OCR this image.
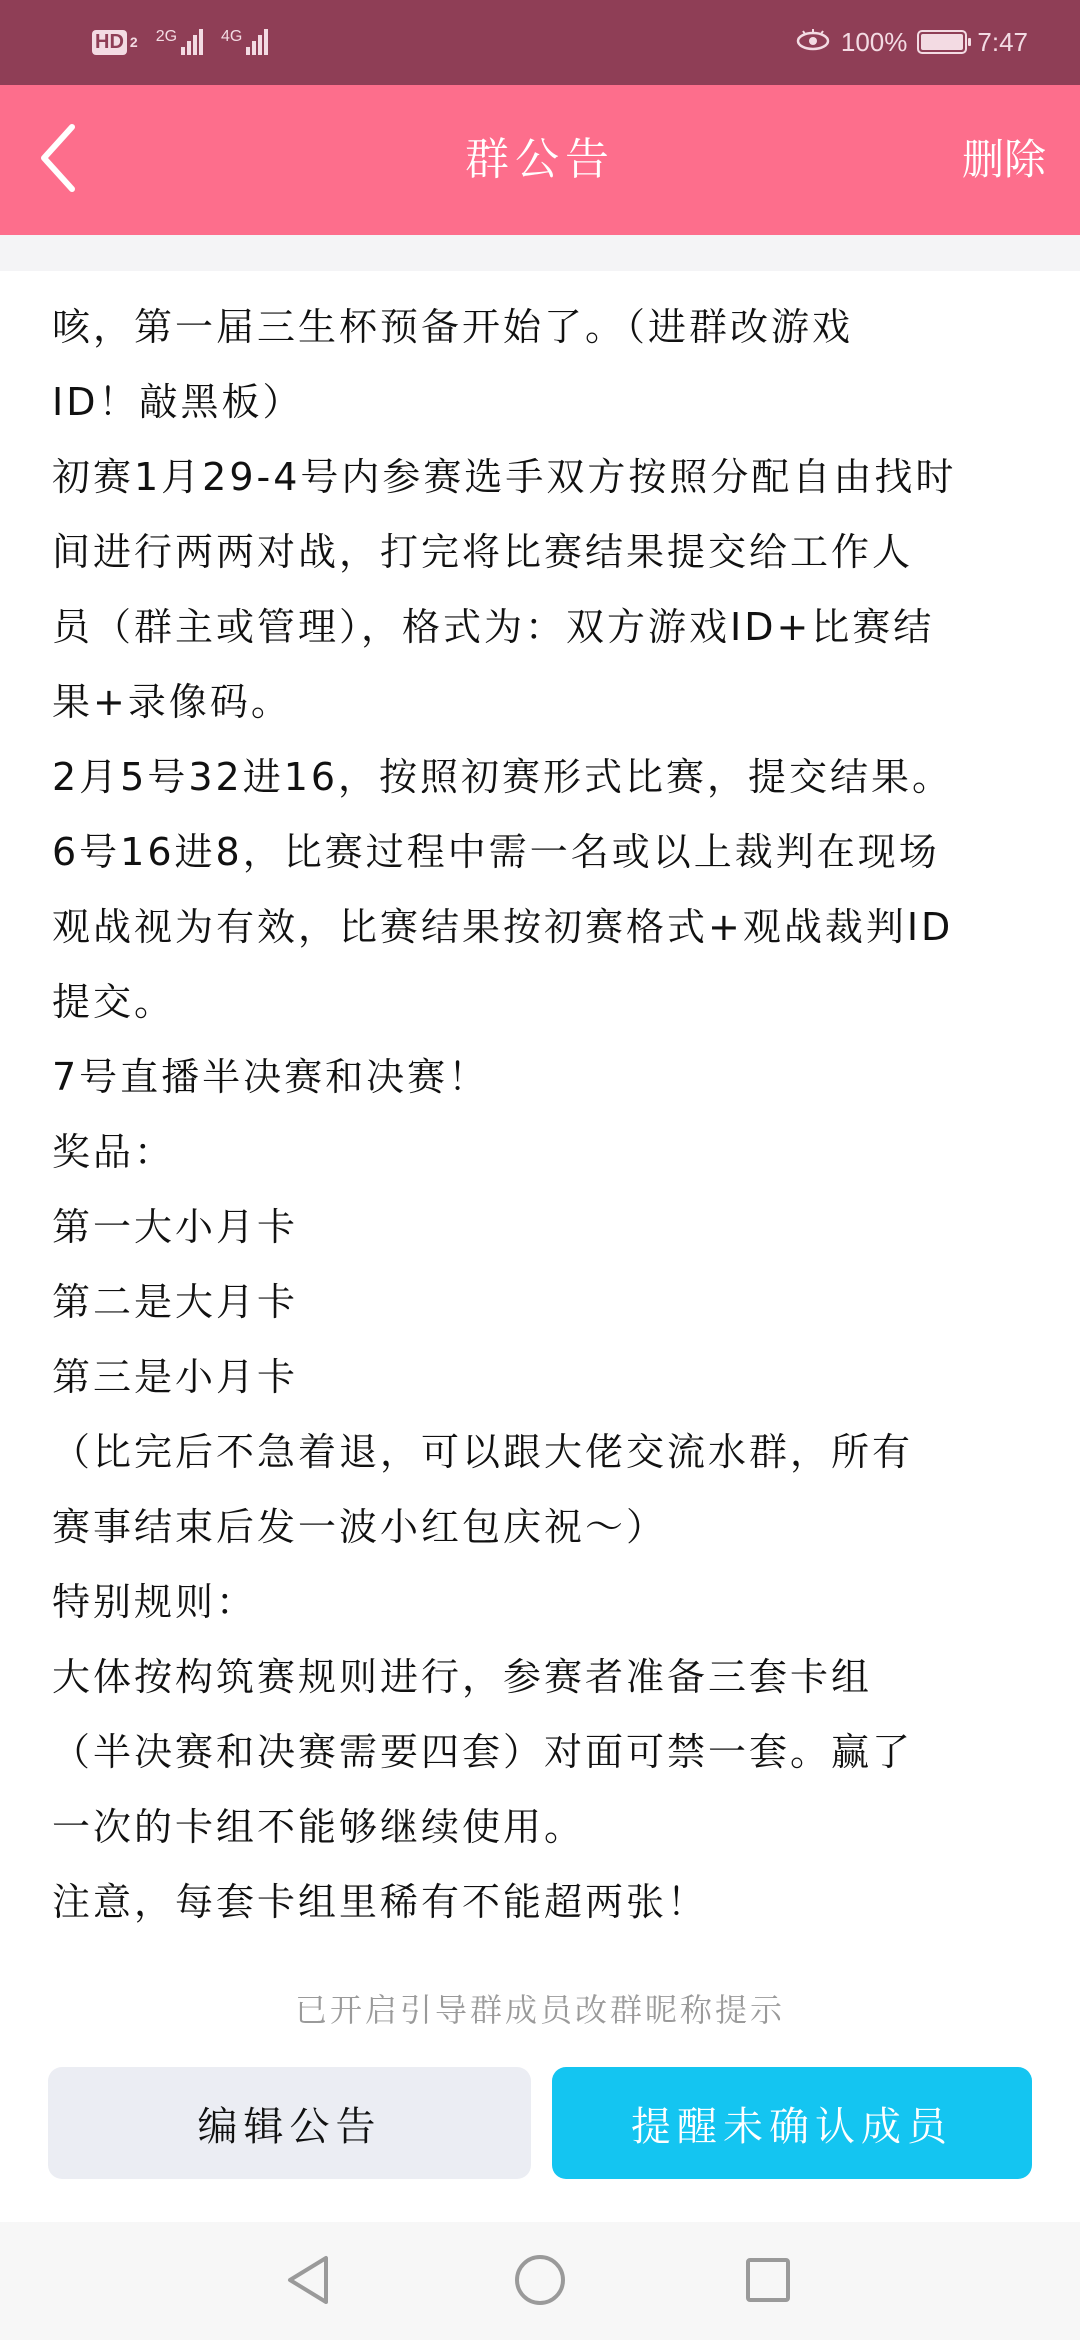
HD 2 2G	4G	100%	7:47
群公告	删除
咳，第一届三生杯预备开始了。（进群改游戏
ID！敲黑板）
初赛1月29-4号内参赛选手双方按照分配自由找时
间进行两两对战，打完将比赛结果提交给工作人
员（群主或管理），格式为：双方游戏ID+比赛结
果+录像码。
2月5号32进16，按照初赛形式比赛，提交结果。
6号16进8，比赛过程中需一名或以上裁判在现场
观战视为有效，比赛结果按初赛格式+观战裁判ID
提交。
7号直播半决赛和决赛！
奖品：
第一大小月卡
第二是大月卡
第三是小月卡
（比完后不急着退，可以跟大佬交流水群，所有
赛事结束后发一波小红包庆祝～）
特别规则：
大体按构筑赛规则进行，参赛者准备三套卡组
（半决赛和决赛需要四套）对面可禁一套。赢了
一次的卡组不能够继续使用。
注意，每套卡组里稀有不能超两张！
已开启引导群成员改群昵称提示
编辑公告	提醒未确认成员
